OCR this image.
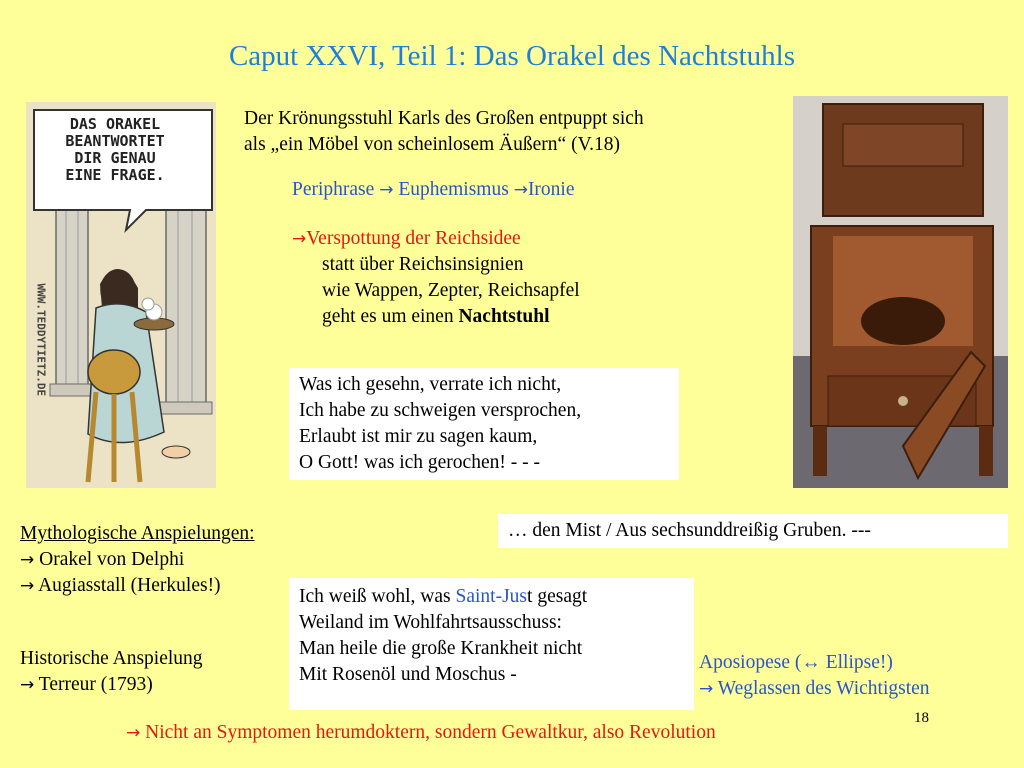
Caput XXVI, Teil 1: Das Orakel des Nachtstuhls
DAS ORAKEL
BEANTWORTET
DIR GENAU
EINE FRAGE.
WWW.TEDDYTIETZ.DE
Der Krönungsstuhl Karls des Großen entpuppt sich
als „ein Möbel von scheinlosem Äußern“ (V.18)
Periphrase → Euphemismus →Ironie
→Verspottung der Reichsidee
statt über Reichsinsignien
wie Wappen, Zepter, Reichsapfel
geht es um einen Nachtstuhl
Was ich gesehn, verrate ich nicht,
Ich habe zu schweigen versprochen,
Erlaubt ist mir zu sagen kaum,
O Gott! was ich gerochen! - - -
… den Mist / Aus sechsunddreißig Gruben. ---
Mythologische Anspielungen:
→ Orakel von Delphi
→ Augiasstall (Herkules!)
Historische Anspielung
→ Terreur (1793)
Ich weiß wohl, was Saint-Just gesagt
Weiland im Wohlfahrtsausschuss:
Man heile die große Krankheit nicht
Mit Rosenöl und Moschus -
Aposiopese (↔ Ellipse!)
→ Weglassen des Wichtigsten
18
→ Nicht an Symptomen herumdoktern, sondern Gewaltkur, also Revolution
